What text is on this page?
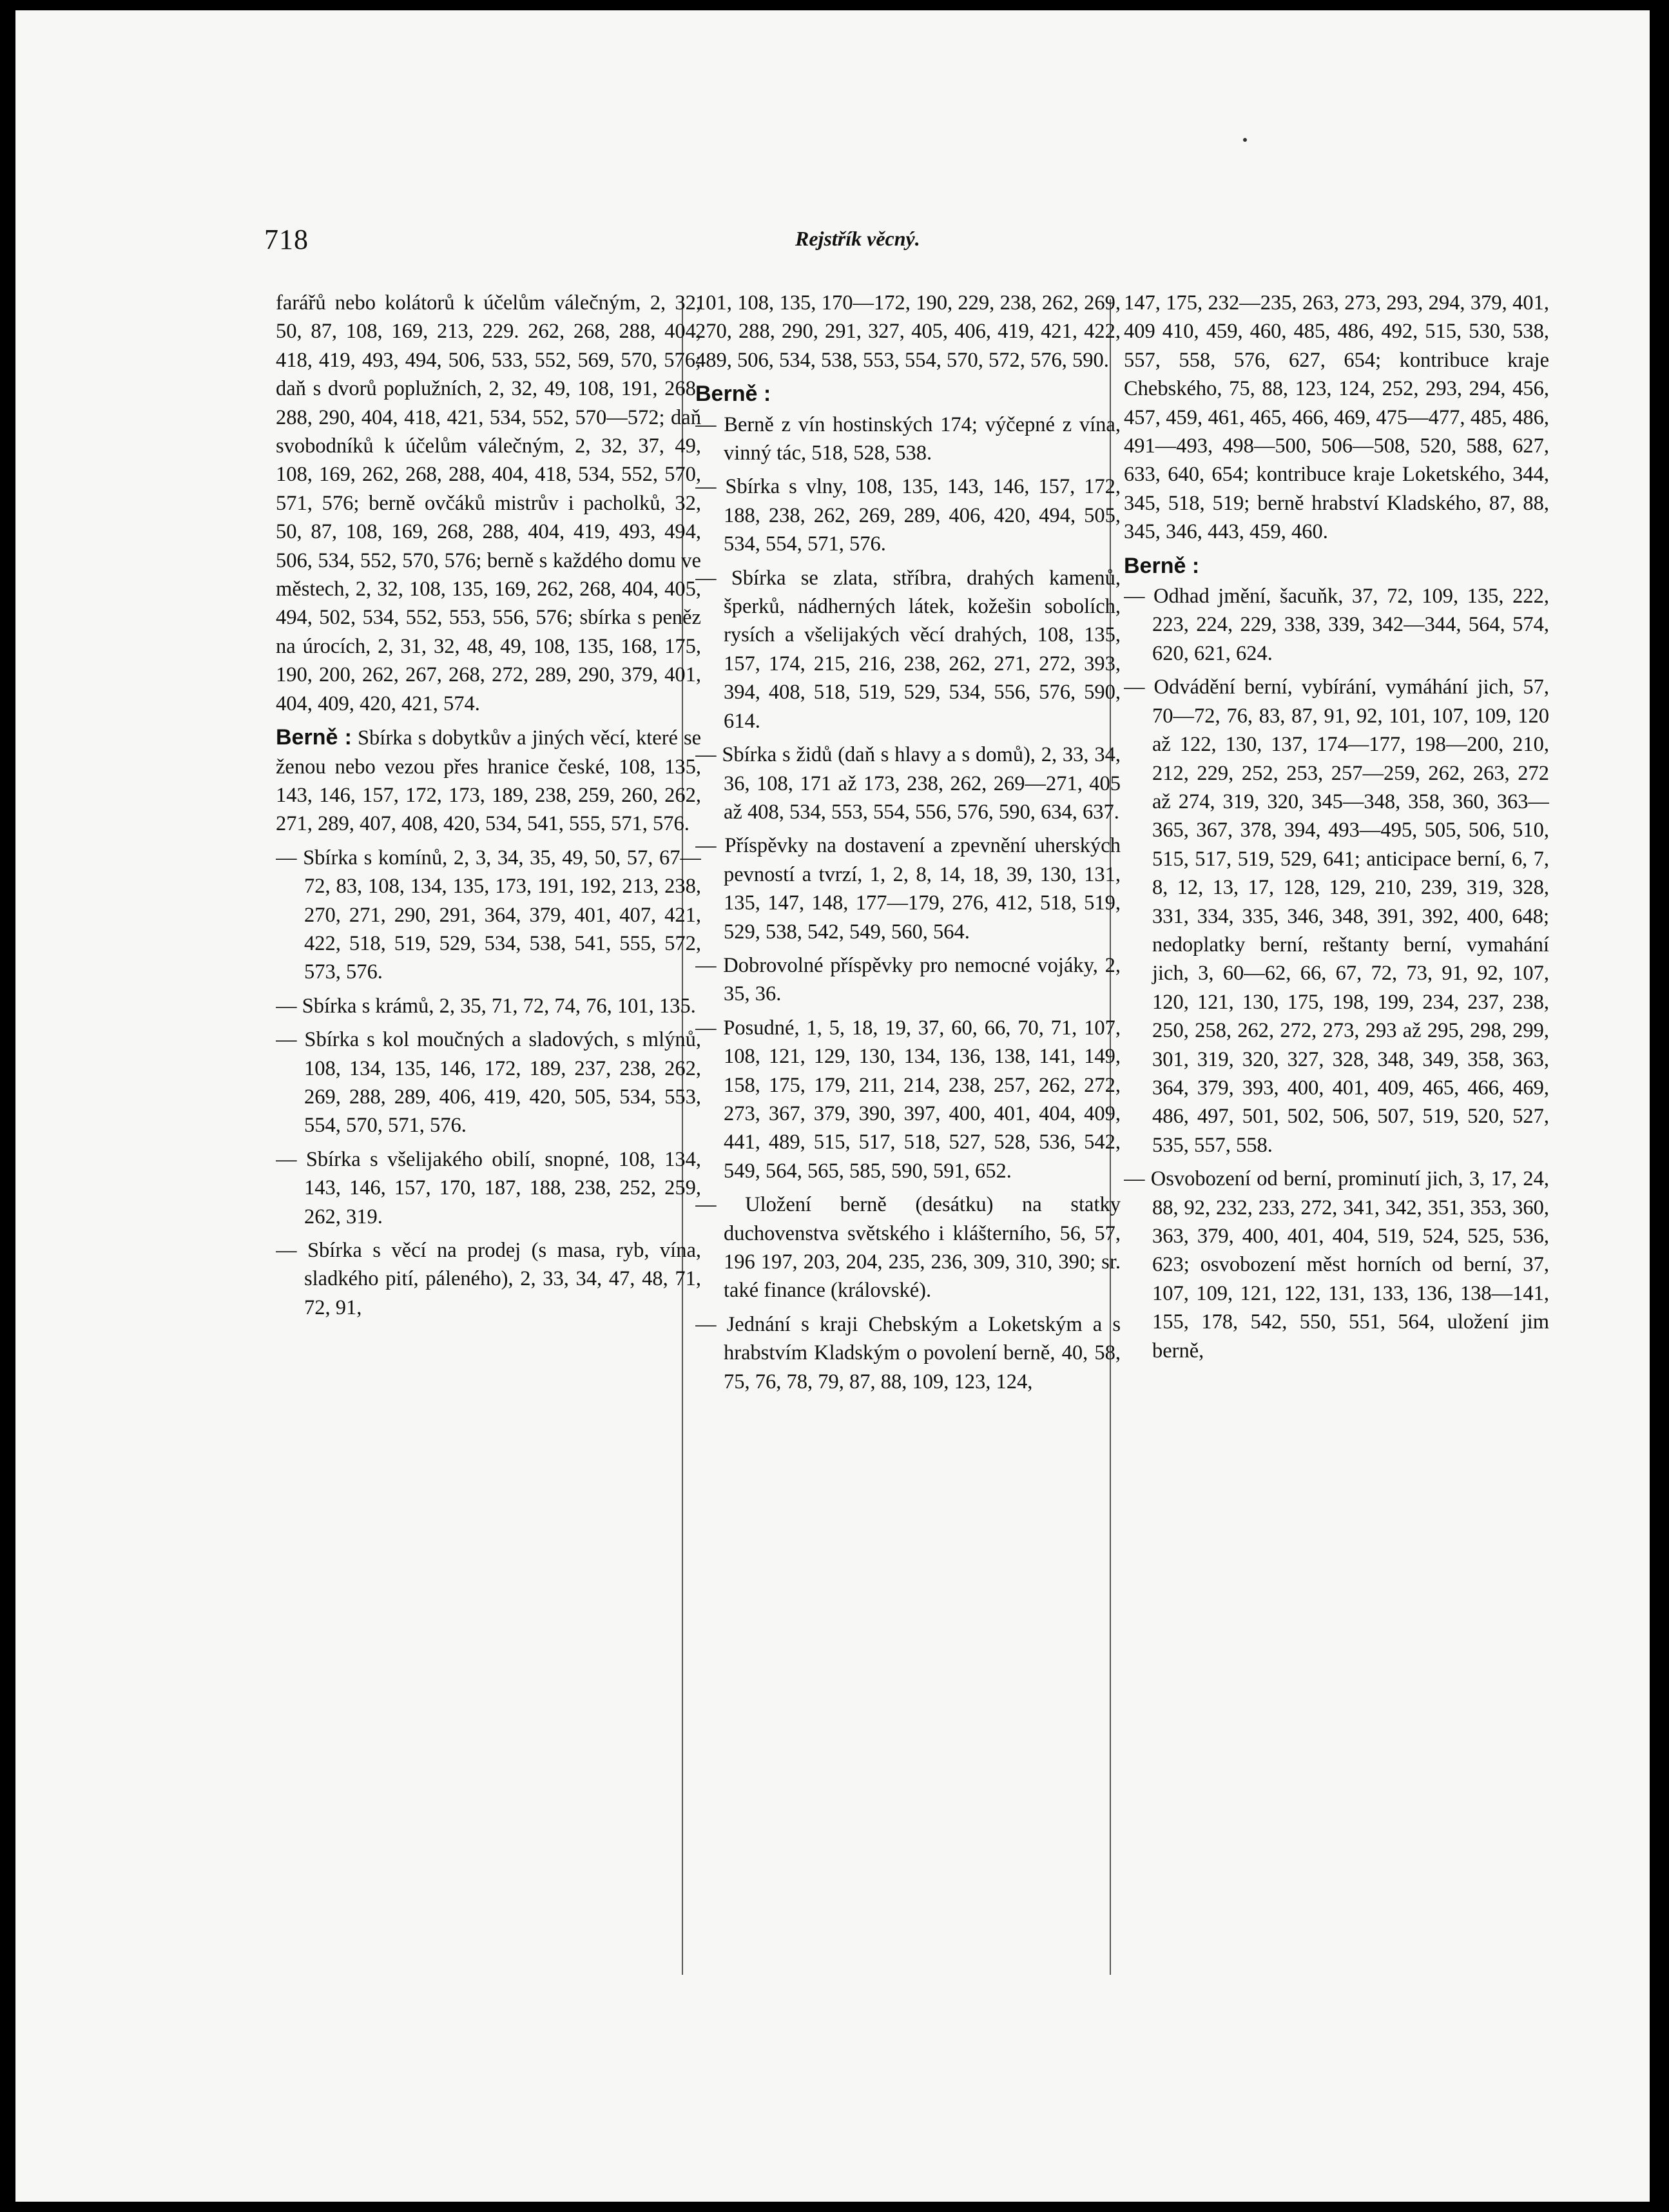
718	Rejstřík věcný.

farářů nebo kolátorů k účelům válečným, 2, 32, 50, 87, 108, 169, 213, 229. 262, 268, 288, 404, 418, 419, 493, 494, 506, 533, 552, 569, 570, 576; daň s dvorů poplužních, 2, 32, 49, 108, 191, 268, 288, 290, 404, 418, 421, 534, 552, 570—572; daň svobodníků k účelům válečným, 2, 32, 37, 49, 108, 169, 262, 268, 288, 404, 418, 534, 552, 570, 571, 576; berně ovčáků mistrův i pacholků, 32, 50, 87, 108, 169, 268, 288, 404, 419, 493, 494, 506, 534, 552, 570, 576; berně s každého domu ve městech, 2, 32, 108, 135, 169, 262, 268, 404, 405, 494, 502, 534, 552, 553, 556, 576; sbírka s peněz na úrocích, 2, 31, 32, 48, 49, 108, 135, 168, 175, 190, 200, 262, 267, 268, 272, 289, 290, 379, 401, 404, 409, 420, 421, 574.

Berně : Sbírka s dobytkův a jiných věcí, které se ženou nebo vezou přes hranice české, 108, 135, 143, 146, 157, 172, 173, 189, 238, 259, 260, 262, 271, 289, 407, 408, 420, 534, 541, 555, 571, 576.

— Sbírka s komínů, 2, 3, 34, 35, 49, 50, 57, 67—72, 83, 108, 134, 135, 173, 191, 192, 213, 238, 270, 271, 290, 291, 364, 379, 401, 407, 421, 422, 518, 519, 529, 534, 538, 541, 555, 572, 573, 576.

— Sbírka s krámů, 2, 35, 71, 72, 74, 76, 101, 135.

— Sbírka s kol moučných a sladových, s mlýnů, 108, 134, 135, 146, 172, 189, 237, 238, 262, 269, 288, 289, 406, 419, 420, 505, 534, 553, 554, 570, 571, 576.

— Sbírka s všelijakého obilí, snopné, 108, 134, 143, 146, 157, 170, 187, 188, 238, 252, 259, 262, 319.

— Sbírka s věcí na prodej (s masa, ryb, vína, sladkého pití, páleného), 2, 33, 34, 47, 48, 71, 72, 91,

101, 108, 135, 170—172, 190, 229, 238, 262, 269, 270, 288, 290, 291, 327, 405, 406, 419, 421, 422, 489, 506, 534, 538, 553, 554, 570, 572, 576, 590.

Berně :

— Berně z vín hostinských 174; výčepné z vína, vinný tác, 518, 528, 538.

— Sbírka s vlny, 108, 135, 143, 146, 157, 172, 188, 238, 262, 269, 289, 406, 420, 494, 505, 534, 554, 571, 576.

— Sbírka se zlata, stříbra, drahých kamenů, šperků, nádherných látek, kožešin sobolích, rysích a všelijakých věcí drahých, 108, 135, 157, 174, 215, 216, 238, 262, 271, 272, 393, 394, 408, 518, 519, 529, 534, 556, 576, 590, 614.

— Sbírka s židů (daň s hlavy a s domů), 2, 33, 34, 36, 108, 171 až 173, 238, 262, 269—271, 405 až 408, 534, 553, 554, 556, 576, 590, 634, 637.

— Příspěvky na dostavení a zpevnění uherských pevností a tvrzí, 1, 2, 8, 14, 18, 39, 130, 131, 135, 147, 148, 177—179, 276, 412, 518, 519, 529, 538, 542, 549, 560, 564.

— Dobrovolné příspěvky pro nemocné vojáky, 2, 35, 36.

— Posudné, 1, 5, 18, 19, 37, 60, 66, 70, 71, 107, 108, 121, 129, 130, 134, 136, 138, 141, 149, 158, 175, 179, 211, 214, 238, 257, 262, 272, 273, 367, 379, 390, 397, 400, 401, 404, 409, 441, 489, 515, 517, 518, 527, 528, 536, 542, 549, 564, 565, 585, 590, 591, 652.

— Uložení berně (desátku) na statky duchovenstva světského i klášterního, 56, 57, 196 197, 203, 204, 235, 236, 309, 310, 390; sr. také finance (královské).

— Jednání s kraji Chebským a Loketským a s hrabstvím Kladským o povolení berně, 40, 58, 75, 76, 78, 79, 87, 88, 109, 123, 124,

147, 175, 232—235, 263, 273, 293, 294, 379, 401, 409 410, 459, 460, 485, 486, 492, 515, 530, 538, 557, 558, 576, 627, 654; kontribuce kraje Chebského, 75, 88, 123, 124, 252, 293, 294, 456, 457, 459, 461, 465, 466, 469, 475—477, 485, 486, 491—493, 498—500, 506—508, 520, 588, 627, 633, 640, 654; kontribuce kraje Loketského, 344, 345, 518, 519; berně hrabství Kladského, 87, 88, 345, 346, 443, 459, 460.

Berně :

— Odhad jmění, šacuňk, 37, 72, 109, 135, 222, 223, 224, 229, 338, 339, 342—344, 564, 574, 620, 621, 624.

— Odvádění berní, vybírání, vymáhání jich, 57, 70—72, 76, 83, 87, 91, 92, 101, 107, 109, 120 až 122, 130, 137, 174—177, 198—200, 210, 212, 229, 252, 253, 257—259, 262, 263, 272 až 274, 319, 320, 345—348, 358, 360, 363—365, 367, 378, 394, 493—495, 505, 506, 510, 515, 517, 519, 529, 641; anticipace berní, 6, 7, 8, 12, 13, 17, 128, 129, 210, 239, 319, 328, 331, 334, 335, 346, 348, 391, 392, 400, 648; nedoplatky berní, reštanty berní, vymahání jich, 3, 60—62, 66, 67, 72, 73, 91, 92, 107, 120, 121, 130, 175, 198, 199, 234, 237, 238, 250, 258, 262, 272, 273, 293 až 295, 298, 299, 301, 319, 320, 327, 328, 348, 349, 358, 363, 364, 379, 393, 400, 401, 409, 465, 466, 469, 486, 497, 501, 502, 506, 507, 519, 520, 527, 535, 557, 558.

— Osvobození od berní, prominutí jich, 3, 17, 24, 88, 92, 232, 233, 272, 341, 342, 351, 353, 360, 363, 379, 400, 401, 404, 519, 524, 525, 536, 623; osvobození měst horních od berní, 37, 107, 109, 121, 122, 131, 133, 136, 138—141, 155, 178, 542, 550, 551, 564, uložení jim berně,
